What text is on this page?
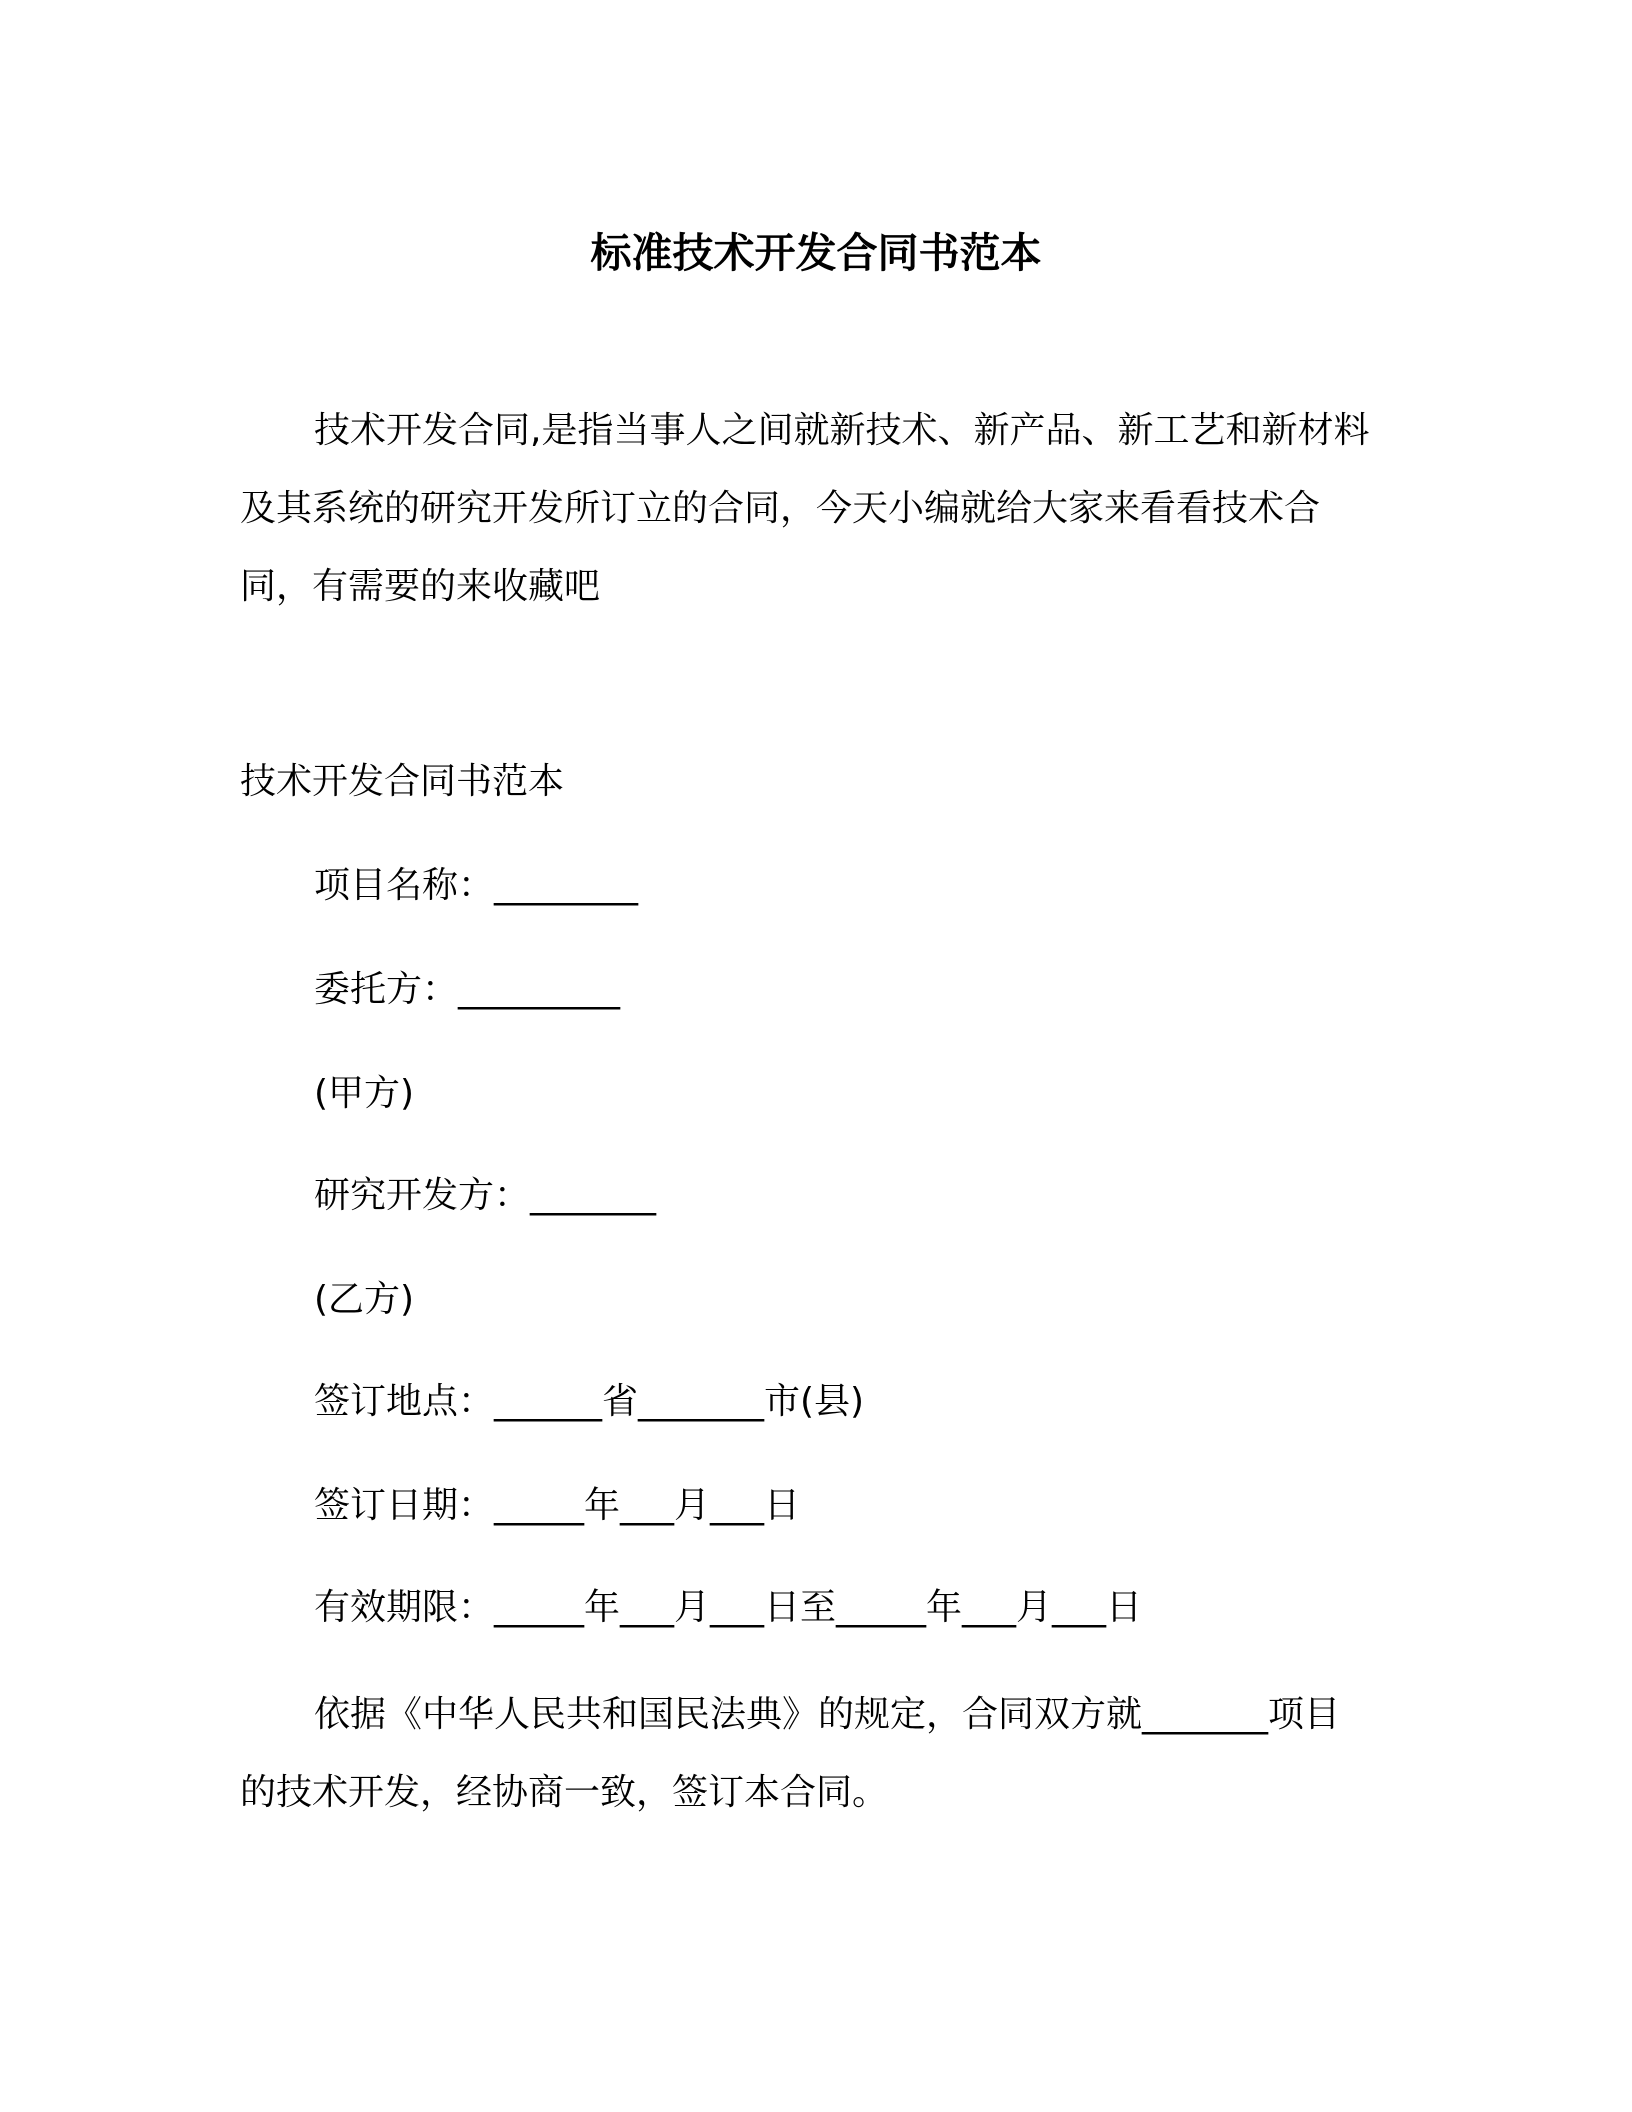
标准技术开发合同书范本

技术开发合同,是指当事人之间就新技术、新产品、新工艺和新材料及其系统的研究开发所订立的合同，今天小编就给大家来看看技术合同，有需要的来收藏吧

技术开发合同书范本

项目名称：________

委托方：_________

(甲方)

研究开发方：_______

(乙方)

签订地点：______省_______市(县)

签订日期：_____年___月___日

有效期限：_____年___月___日至_____年___月___日

依据《中华人民共和国民法典》的规定，合同双方就_______项目的技术开发，经协商一致，签订本合同。
